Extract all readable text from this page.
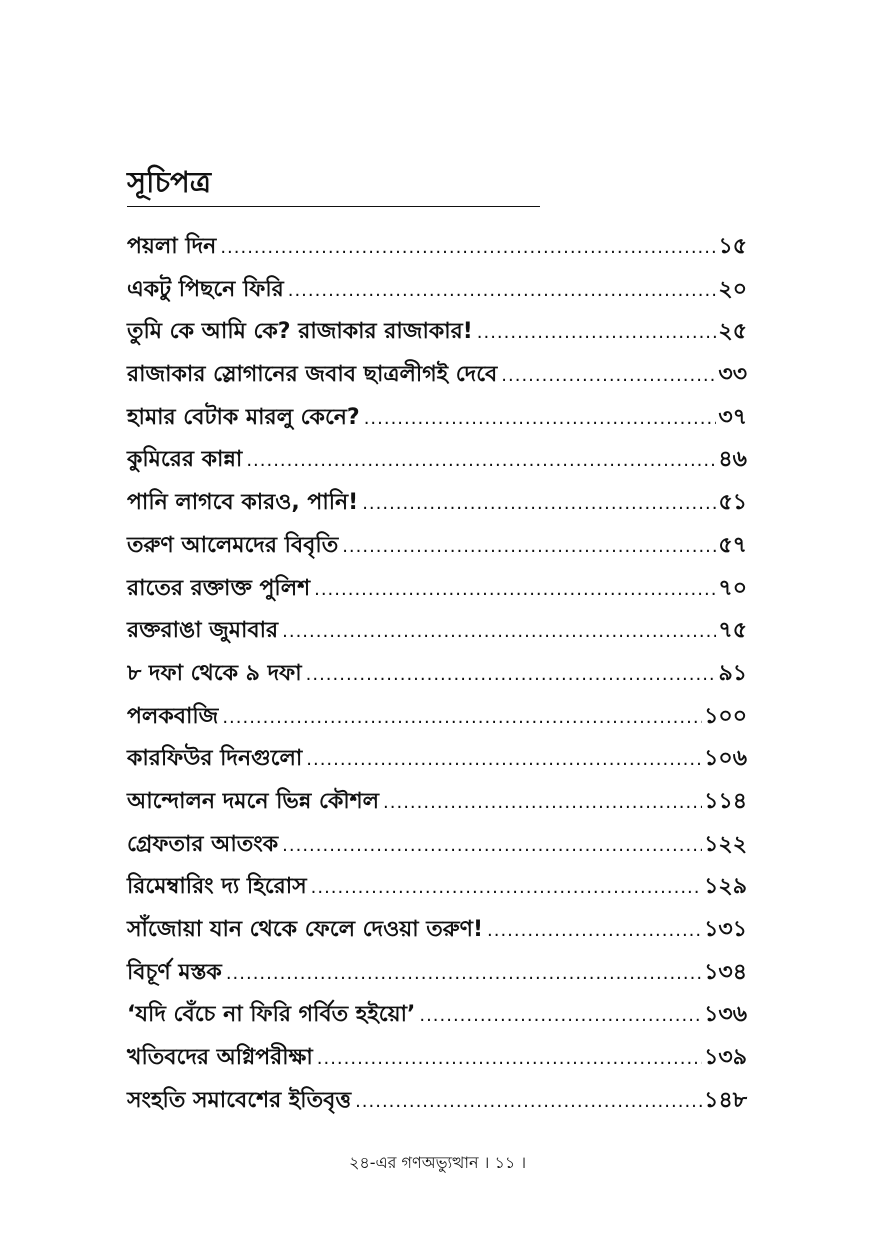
সূচিপত্র
পয়লা দিন .....	১৫
একটু পিছনে ফিরি .....	২০
তুমি কে আমি কে? রাজাকার রাজাকার! .....	২৫
রাজাকার স্লোগানের জবাব ছাত্রলীগই দেবে .....	৩৩
হামার বেটাক মারলু কেনে? .....	৩৭
কুমিরের কান্না .....	৪৬
পানি লাগবে কারও, পানি! .....	৫১
তরুণ আলেমদের বিবৃতি .....	৫৭
রাতের রক্তাক্ত পুলিশ .....	৭০
রক্তরাঙা জুমাবার .....	৭৫
৮ দফা থেকে ৯ দফা .....	৯১
পলকবাজি .....	১০০
কারফিউর দিনগুলো .....	১০৬
আন্দোলন দমনে ভিন্ন কৌশল .....	১১৪
গ্রেফতার আতংক .....	১২২
রিমেম্বারিং দ্য হিরোস .....	১২৯
সাঁজোয়া যান থেকে ফেলে দেওয়া তরুণ! .....	১৩১
বিচূর্ণ মস্তক .....	১৩৪
‘যদি বেঁচে না ফিরি গর্বিত হইয়ো’ .....	১৩৬
খতিবদের অগ্নিপরীক্ষা .....	১৩৯
সংহতি সমাবেশের ইতিবৃত্ত .....	১৪৮
২৪-এর গণঅভ্যুত্থান । ১১ ।
